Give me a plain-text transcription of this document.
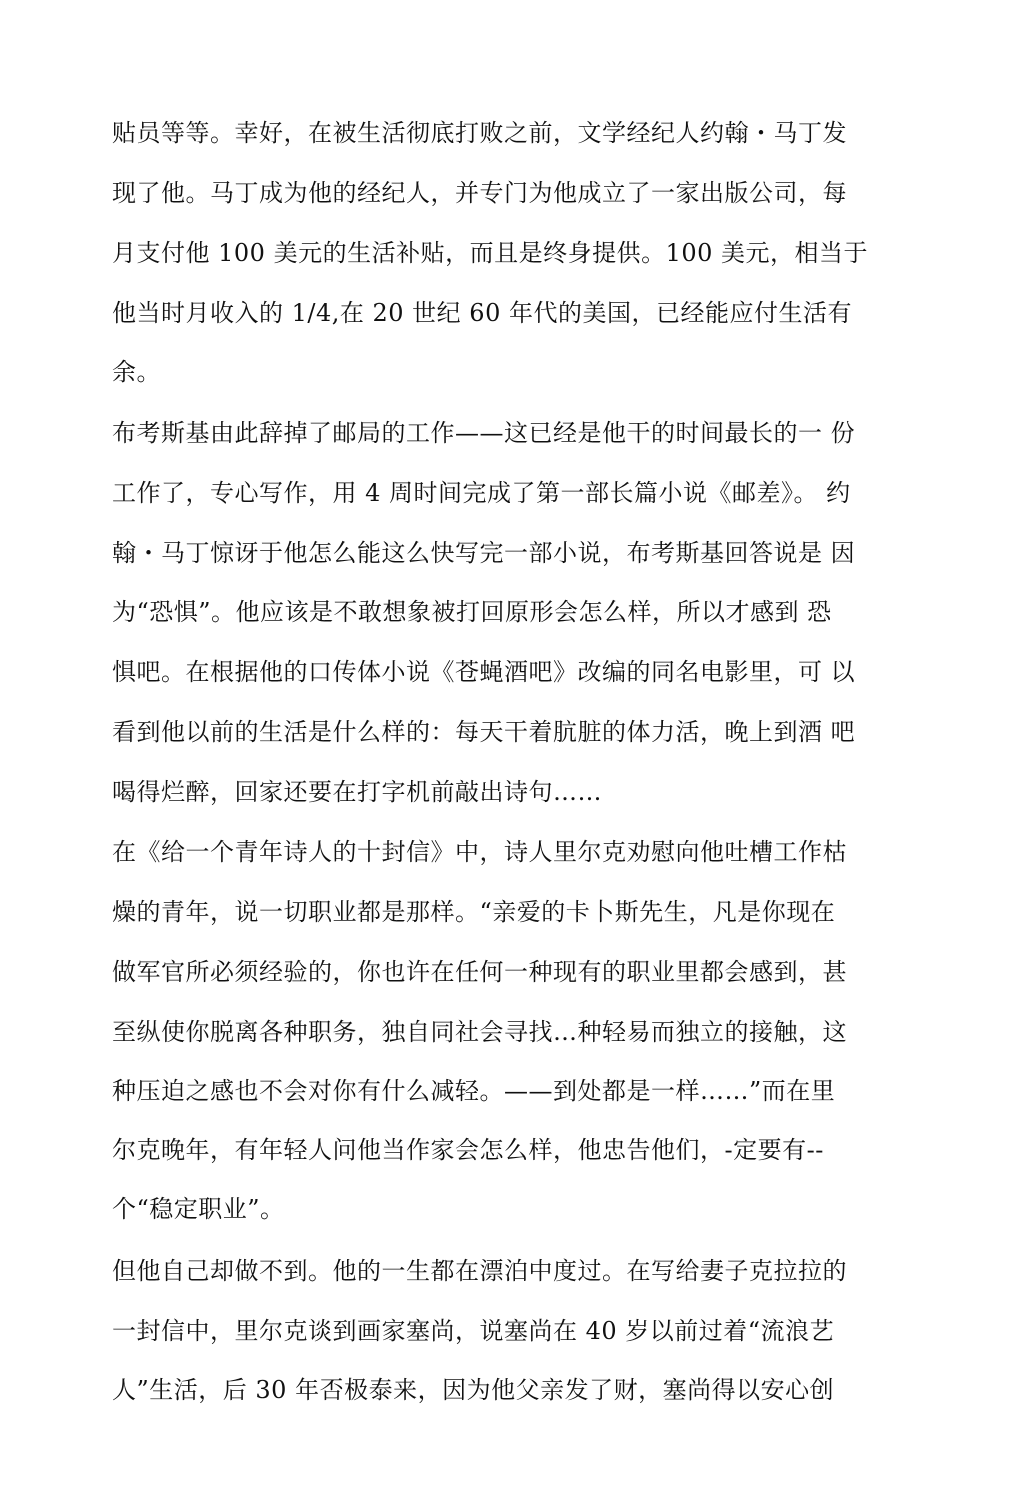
贴员等等。幸好，在被生活彻底打败之前，文学经纪人约翰・马丁发

现了他。马丁成为他的经纪人，并专门为他成立了一家出版公司，每

月支付他 100 美元的生活补贴，而且是终身提供。100 美元，相当于

他当时月收入的 1/4,在 20 世纪 60 年代的美国，已经能应付生活有

余。

布考斯基由此辞掉了邮局的工作——这已经是他干的时间最长的一 份

工作了，专心写作，用 4 周时间完成了第一部长篇小说《邮差》。 约

翰・马丁惊讶于他怎么能这么快写完一部小说，布考斯基回答说是 因

为“恐惧”。他应该是不敢想象被打回原形会怎么样，所以才感到 恐

惧吧。在根据他的口传体小说《苍蝇酒吧》改编的同名电影里，可 以

看到他以前的生活是什么样的：每天干着肮脏的体力活，晚上到酒 吧

喝得烂醉，回家还要在打字机前敲出诗句……

在《给一个青年诗人的十封信》中，诗人里尔克劝慰向他吐槽工作枯

燥的青年，说一切职业都是那样。“亲爱的卡卜斯先生，凡是你现在

做军官所必须经验的，你也许在任何一种现有的职业里都会感到，甚

至纵使你脱离各种职务，独自同社会寻找…种轻易而独立的接触，这

种压迫之感也不会对你有什么减轻。——到处都是一样……”而在里

尔克晚年，有年轻人问他当作家会怎么样，他忠告他们，-定要有--

个“稳定职业”。

但他自己却做不到。他的一生都在漂泊中度过。在写给妻子克拉拉的

一封信中，里尔克谈到画家塞尚，说塞尚在 40 岁以前过着“流浪艺

人”生活，后 30 年否极泰来，因为他父亲发了财，塞尚得以安心创
